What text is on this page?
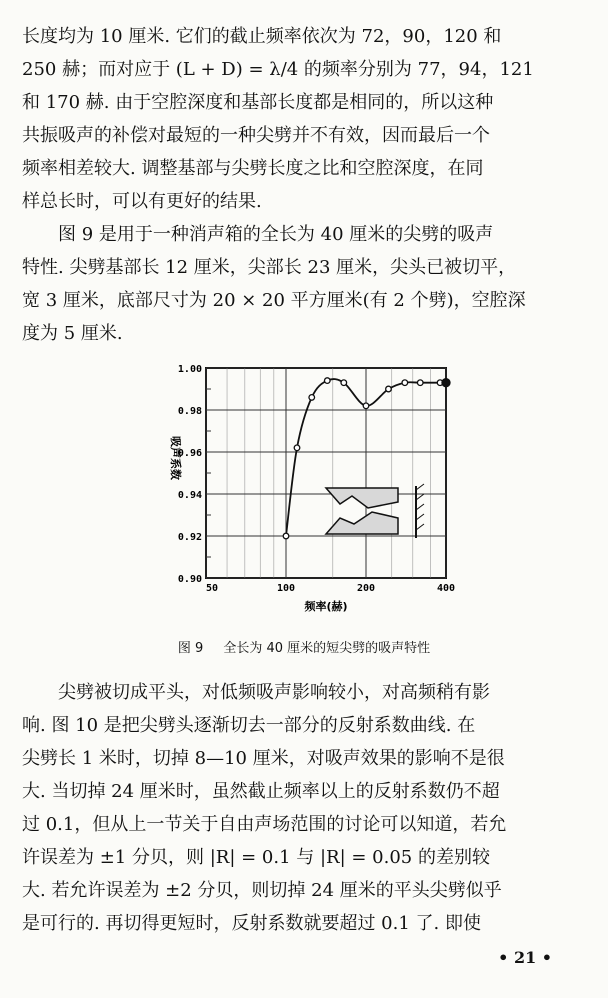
长度均为 10 厘米. 它们的截止频率依次为 72，90，120 和
250 赫；而对应于 (L + D) = λ/4 的频率分别为 77，94，121
和 170 赫. 由于空腔深度和基部长度都是相同的，所以这种
共振吸声的补偿对最短的一种尖劈并不有效，因而最后一个
频率相差较大. 调整基部与尖劈长度之比和空腔深度，在同
样总长时，可以有更好的结果.
图 9 是用于一种消声箱的全长为 40 厘米的尖劈的吸声
特性. 尖劈基部长 12 厘米，尖部长 23 厘米，尖头已被切平，
宽 3 厘米，底部尺寸为 20 × 20 平方厘米(有 2 个劈)，空腔深
度为 5 厘米.
50	100	200	400
0.90
0.92
0.94
0.96
0.98
1.00
吸声系数
频率(赫)
图 9 全长为 40 厘米的短尖劈的吸声特性
尖劈被切成平头，对低频吸声影响较小，对高频稍有影
响. 图 10 是把尖劈头逐渐切去一部分的反射系数曲线. 在
尖劈长 1 米时，切掉 8—10 厘米，对吸声效果的影响不是很
大. 当切掉 24 厘米时，虽然截止频率以上的反射系数仍不超
过 0.1，但从上一节关于自由声场范围的讨论可以知道，若允
许误差为 ±1 分贝，则 |R| = 0.1 与 |R| = 0.05 的差别较
大. 若允许误差为 ±2 分贝，则切掉 24 厘米的平头尖劈似乎
是可行的. 再切得更短时，反射系数就要超过 0.1 了. 即使
• 21 •
